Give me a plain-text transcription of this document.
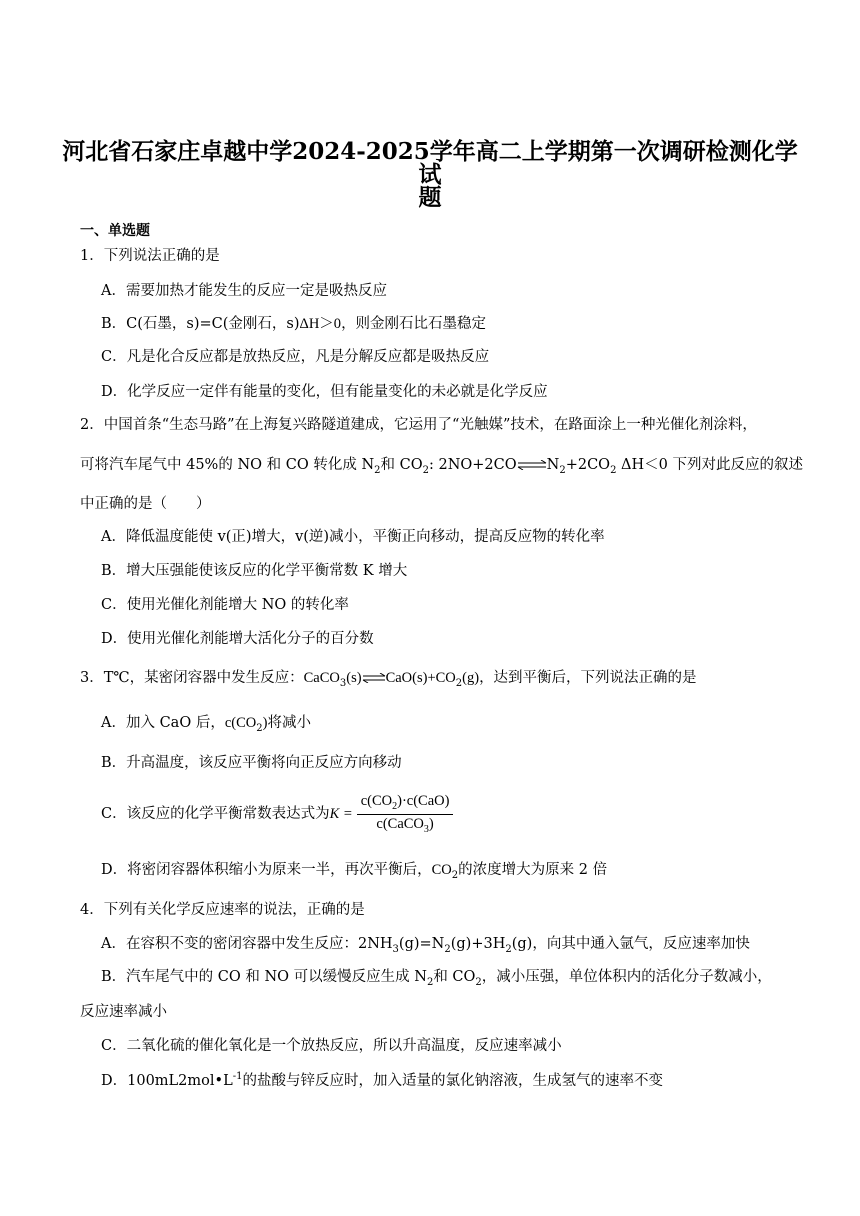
河北省石家庄卓越中学2024-2025学年高二上学期第一次调研检测化学试
题
一、单选题
1．下列说法正确的是
A．需要加热才能发生的反应一定是吸热反应
B．C(石墨，s)=C(金刚石，s)ΔH＞0，则金刚石比石墨稳定
C．凡是化合反应都是放热反应，凡是分解反应都是吸热反应
D．化学反应一定伴有能量的变化，但有能量变化的未必就是化学反应
2．中国首条“生态马路”在上海复兴路隧道建成，它运用了“光触媒”技术，在路面涂上一种光催化剂涂料，
可将汽车尾气中 45%的 NO 和 CO 转化成 $N_2$和 $CO_2$: $2NO+2CO\rightleftharpoons N_2+2CO_2$ ΔH＜0 下列对此反应的叙述
中正确的是（　　）
A．降低温度能使 v(正)增大，v(逆)减小，平衡正向移动，提高反应物的转化率
B．增大压强能使该反应的化学平衡常数 K 增大
C．使用光催化剂能增大 NO 的转化率
D．使用光催化剂能增大活化分子的百分数
3．T℃，某密闭容器中发生反应：$CaCO_3(s)\rightleftharpoons CaO(s)+CO_2(g)$，达到平衡后，下列说法正确的是
A．加入 CaO 后，$c(CO_2)$将减小
B．升高温度，该反应平衡将向正反应方向移动
C．该反应的化学平衡常数表达式为$K = \frac{c(CO_2)\cdot c(CaO)}{c(CaCO_3)}$
D．将密闭容器体积缩小为原来一半，再次平衡后，$CO_2$的浓度增大为原来 2 倍
4．下列有关化学反应速率的说法，正确的是
A．在容积不变的密闭容器中发生反应：$2NH_3(g)=N_2(g)+3H_2(g)$，向其中通入氩气，反应速率加快
B．汽车尾气中的 CO 和 NO 可以缓慢反应生成 $N_2$和 $CO_2$，减小压强，单位体积内的活化分子数减小，
反应速率减小
C．二氧化硫的催化氧化是一个放热反应，所以升高温度，反应速率减小
D．$100mL2mol•L^{-1}$的盐酸与锌反应时，加入适量的氯化钠溶液，生成氢气的速率不变
